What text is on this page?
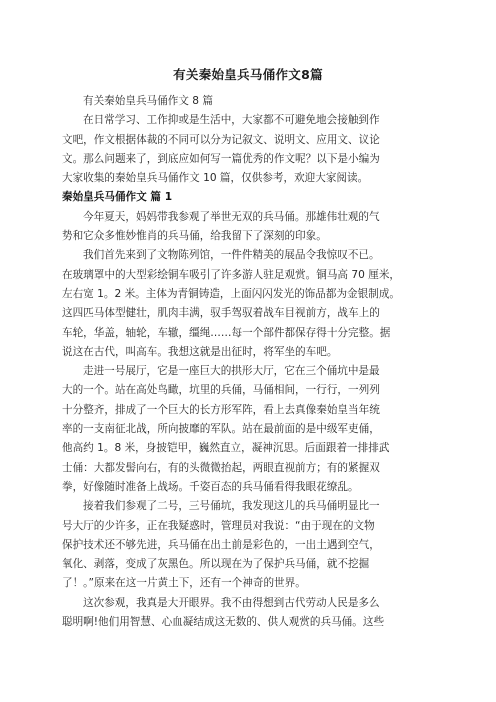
有关秦始皇兵马俑作文8篇
有关秦始皇兵马俑作文 8 篇
在日常学习、工作抑或是生活中，大家都不可避免地会接触到作
文吧，作文根据体裁的不同可以分为记叙文、说明文、应用文、议论
文。那么问题来了，到底应如何写一篇优秀的作文呢？以下是小编为
大家收集的秦始皇兵马俑作文 10 篇，仅供参考，欢迎大家阅读。
秦始皇兵马俑作文 篇 1
今年夏天，妈妈带我参观了举世无双的兵马俑。那雄伟壮观的气
势和它众多惟妙惟肖的兵马俑，给我留下了深刻的印象。
我们首先来到了文物陈列馆，一件件精美的展品令我惊叹不已。
在玻璃罩中的大型彩绘铜车吸引了许多游人驻足观赏。铜马高 70 厘米，
左右宽 1。2 米。主体为青铜铸造，上面闪闪发光的饰品都为金银制成。
这四匹马体型健壮，肌肉丰满，驭手驾驭着战车目视前方，战车上的
车轮，华盖，轴轮，车辙，缰绳……每一个部件都保存得十分完整。据
说这在古代，叫高车。我想这就是出征时，将军坐的车吧。
走进一号展厅，它是一座巨大的拱形大厅，它在三个俑坑中是最
大的一个。站在高处鸟瞰，坑里的兵俑，马俑相间，一行行，一列列
十分整齐，排成了一个巨大的长方形军阵，看上去真像秦始皇当年统
率的一支南征北战，所向披靡的军队。站在最前面的是中级军吏俑，
他高约 1。8 米，身披铠甲，巍然直立，凝神沉思。后面跟着一排排武
士俑：大都发髻向右，有的头微微抬起，两眼直视前方；有的紧握双
拳，好像随时准备上战场。千姿百态的兵马俑看得我眼花缭乱。
接着我们参观了二号，三号俑坑，我发现这儿的兵马俑明显比一
号大厅的少许多，正在我疑惑时，管理员对我说：“由于现在的文物
保护技术还不够先进，兵马俑在出土前是彩色的，一出土遇到空气，
氧化、剥落，变成了灰黑色。所以现在为了保护兵马俑，就不挖掘
了！。”原来在这一片黄土下，还有一个神奇的世界。
这次参观，我真是大开眼界。我不由得想到古代劳动人民是多么
聪明啊!他们用智慧、心血凝结成这无数的、供人观赏的兵马俑。这些
